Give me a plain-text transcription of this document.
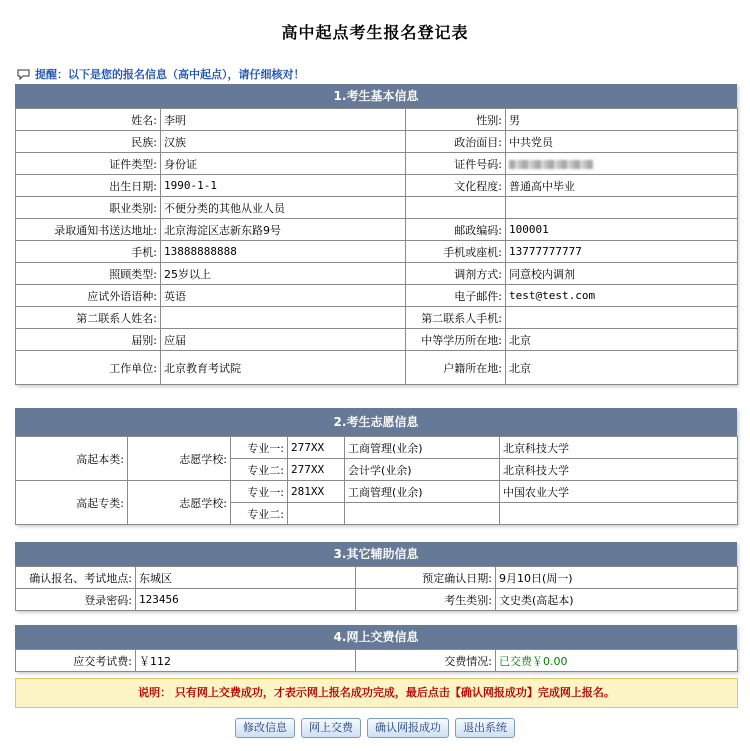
高中起点考生报名登记表
提醒：以下是您的报名信息（高中起点），请仔细核对！
1.考生基本信息
姓名:	李明	性别:	男
民族:	汉族	政治面目:	中共党员
证件类型:	身份证	证件号码:	
出生日期:	1990-1-1	文化程度:	普通高中毕业
职业类别:	不便分类的其他从业人员		
录取通知书送达地址:	北京海淀区志新东路9号	邮政编码:	100001
手机:	13888888888	手机或座机:	13777777777
照顾类型:	25岁以上	调剂方式:	同意校内调剂
应试外语语种:	英语	电子邮件:	test@test.com
第二联系人姓名:		第二联系人手机:	
届别:	应届	中等学历所在地:	北京
工作单位:	北京教育考试院	户籍所在地:	北京
2.考生志愿信息
高起本类:	志愿学校:	专业一:	277XX	工商管理(业余)	北京科技大学
		专业二:	277XX	会计学(业余)	北京科技大学
高起专类:	志愿学校:	专业一:	281XX	工商管理(业余)	中国农业大学
		专业二:			
3.其它辅助信息
确认报名、考试地点:	东城区	预定确认日期:	9月10日(周一)
登录密码:	123456	考生类别:	文史类(高起本)
4.网上交费信息
应交考试费:	￥112	交费情况:	已交费￥0.00
说明： 只有网上交费成功，才表示网上报名成功完成，最后点击【确认网报成功】完成网上报名。
修改信息 网上交费 确认网报成功 退出系统
